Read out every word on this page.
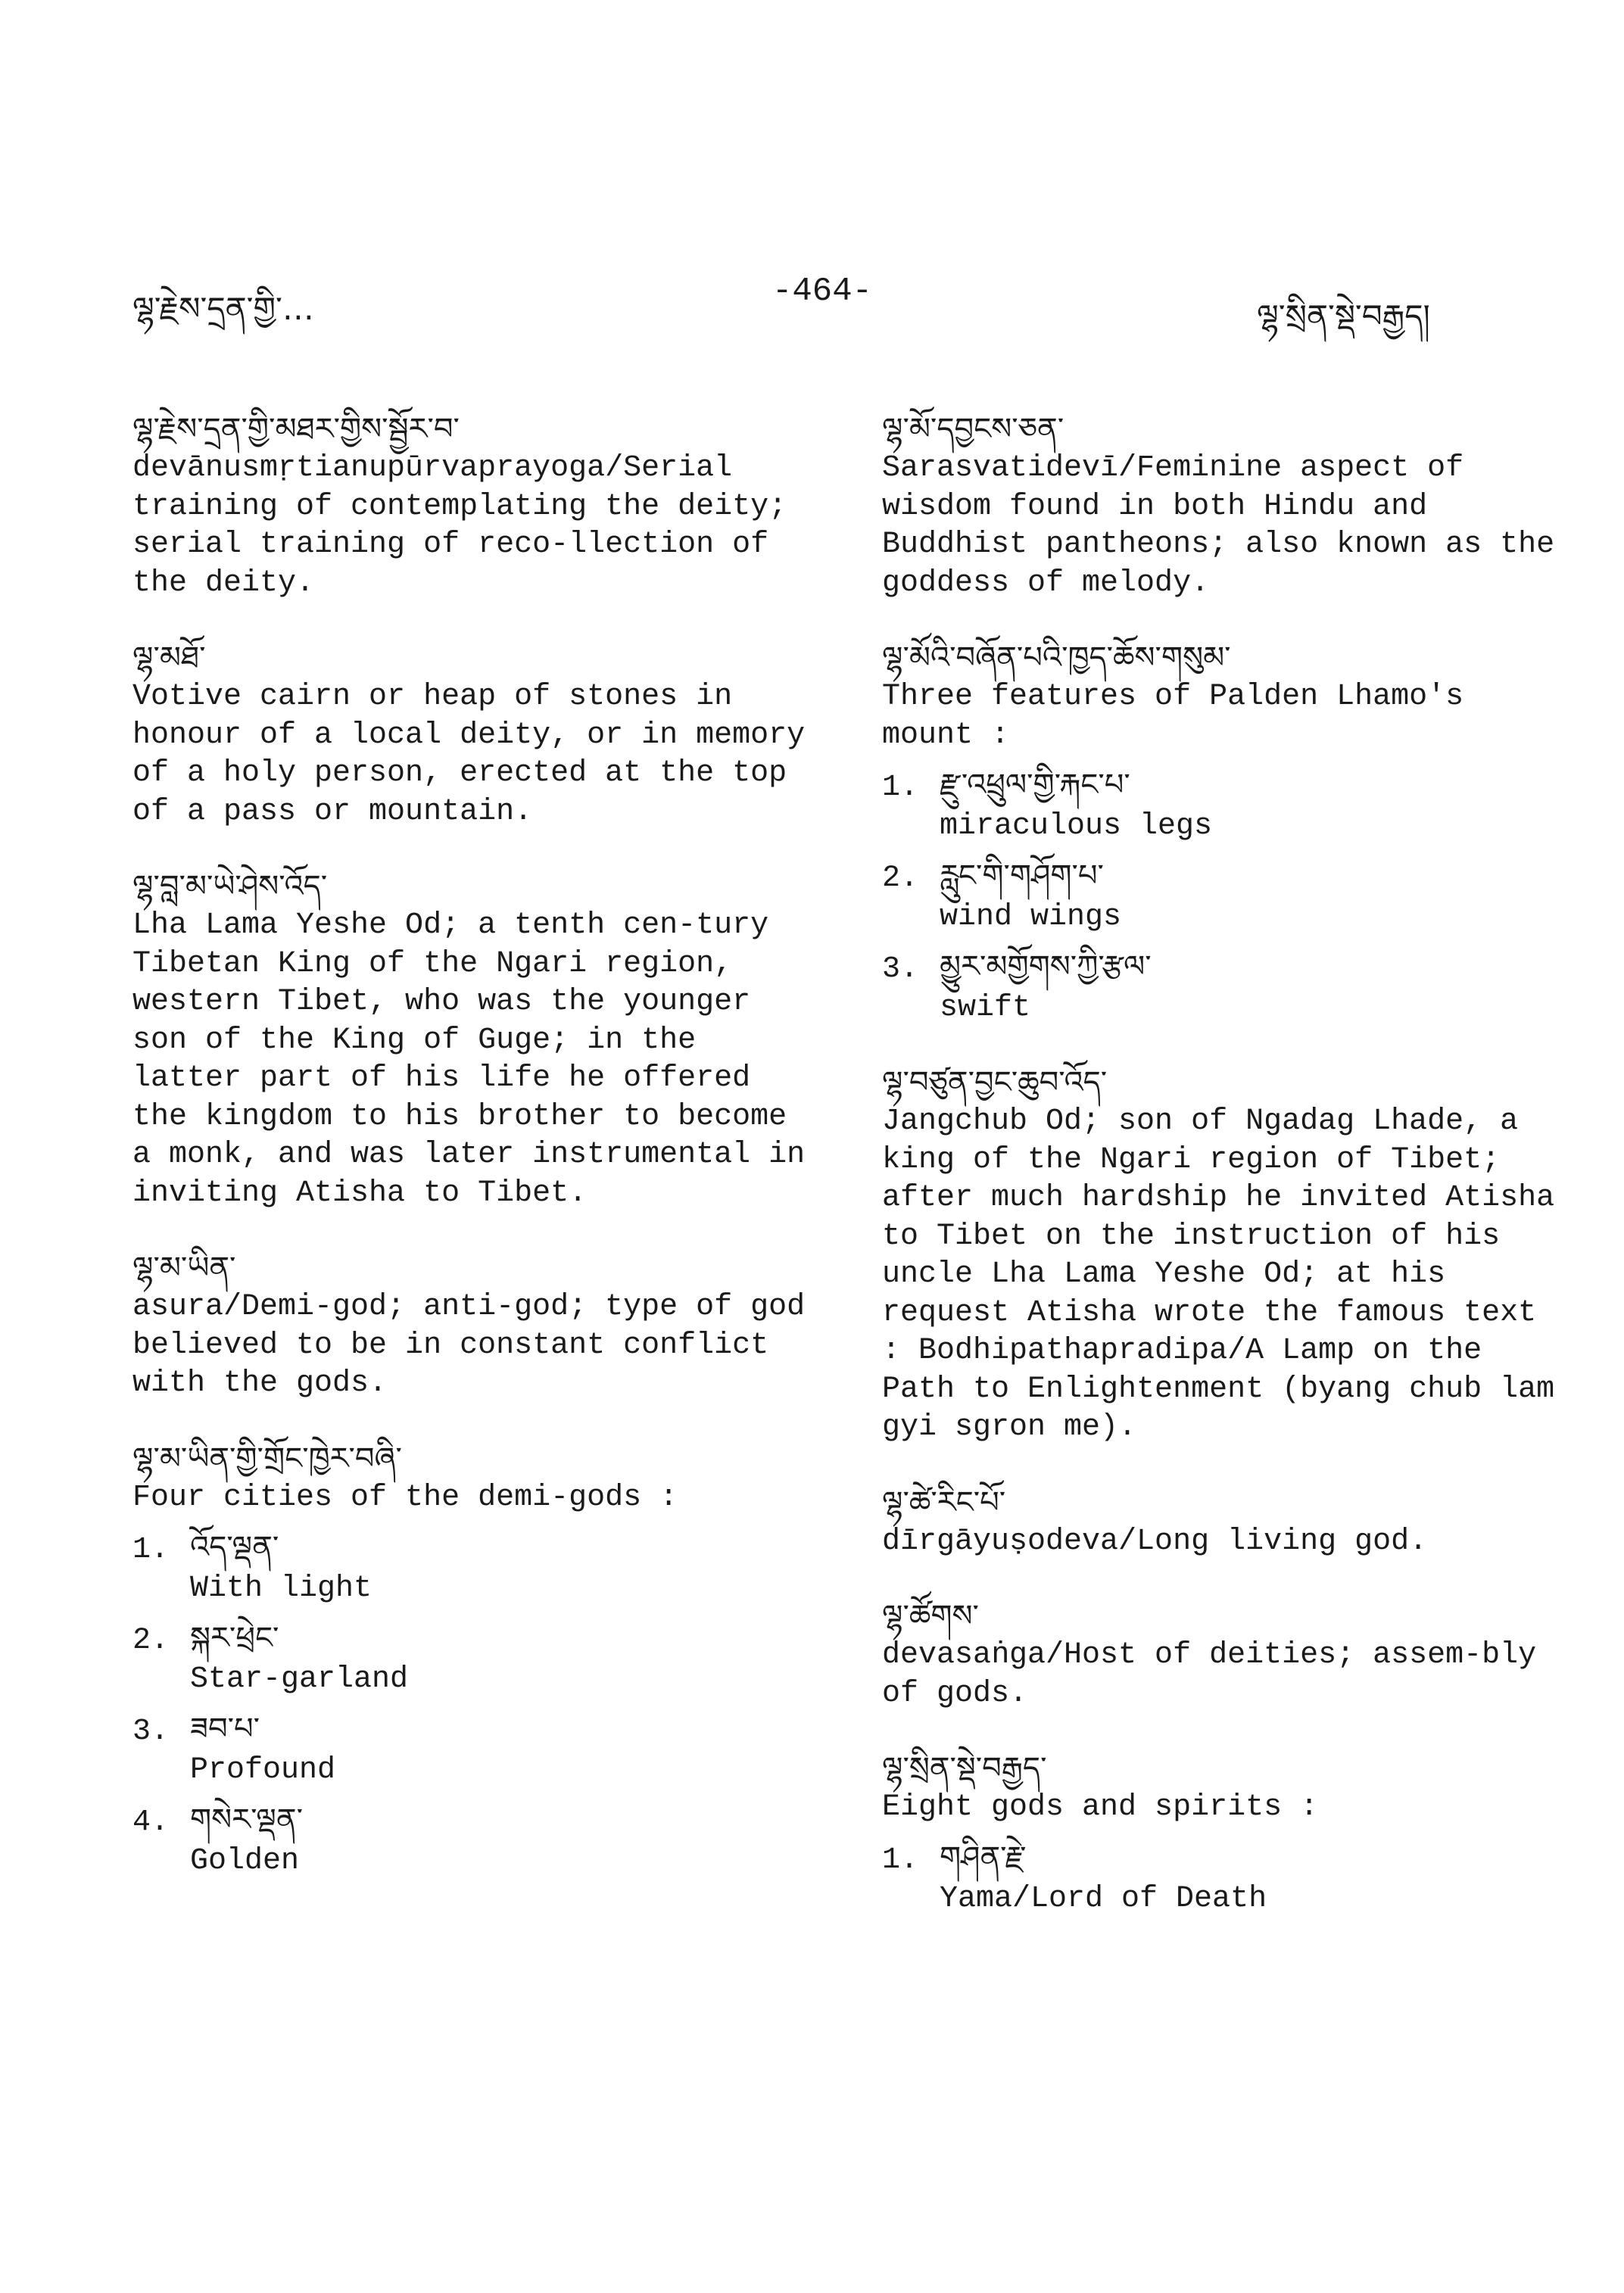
ལྷ་རྗེས་དྲན་གྱི་…	-464-
ལྷ་སྲིན་སྡེ་བརྒྱད།
ལྷ་རྗེས་དྲན་གྱི་མཐར་གྱིས་སྦྱོར་བ་
devānusmṛtianupūrvaprayoga/Serial training of contemplating the deity; serial training of reco-llection of the deity.
ལྷ་མཐོ་
Votive cairn or heap of stones in honour of a local deity, or in memory of a holy person, erected at the top of a pass or mountain.
ལྷ་བླ་མ་ཡེ་ཤེས་འོད་
Lha Lama Yeshe Od; a tenth cen-tury Tibetan King of the Ngari region, western Tibet, who was the younger son of the King of Guge; in the latter part of his life he offered the kingdom to his brother to become a monk, and was later instrumental in inviting Atisha to Tibet.
ལྷ་མ་ཡིན་
asura/Demi-god; anti-god; type of god believed to be in constant conflict with the gods.
ལྷ་མ་ཡིན་གྱི་གྲོང་ཁྱེར་བཞི་
Four cities of the demi-gods :
1. འོད་ལྡན་
With light
2. སྐར་ཕྲེང་
Star-garland
3. ཟབ་པ་
Profound
4. གསེར་ལྡན་
Golden
ལྷ་མོ་དབྱངས་ཅན་
Sarasvatidevī/Feminine aspect of wisdom found in both Hindu and Buddhist pantheons; also known as the goddess of melody.
ལྷ་མོའི་བཞོན་པའི་ཁྱད་ཆོས་གསུམ་
Three features of Palden Lhamo's mount :
1. རྫུ་འཕྲུལ་གྱི་རྐང་པ་
miraculous legs
2. རླུང་གི་གཤོག་པ་
wind wings
3. མྱུར་མགྱོགས་ཀྱི་རྩལ་
swift
ལྷ་བཙུན་བྱང་ཆུབ་འོད་
Jangchub Od; son of Ngadag Lhade, a king of the Ngari region of Tibet; after much hardship he invited Atisha to Tibet on the instruction of his uncle Lha Lama Yeshe Od; at his request Atisha wrote the famous text : Bodhipathapradipa/A Lamp on the Path to Enlightenment (byang chub lam gyi sgron me).
ལྷ་ཚེ་རིང་པོ་
dīrgāyuṣodeva/Long living god.
ལྷ་ཚོགས་
devasaṅga/Host of deities; assem-bly of gods.
ལྷ་སྲིན་སྡེ་བརྒྱད་
Eight gods and spirits :
1. གཤིན་རྗེ་
Yama/Lord of Death
